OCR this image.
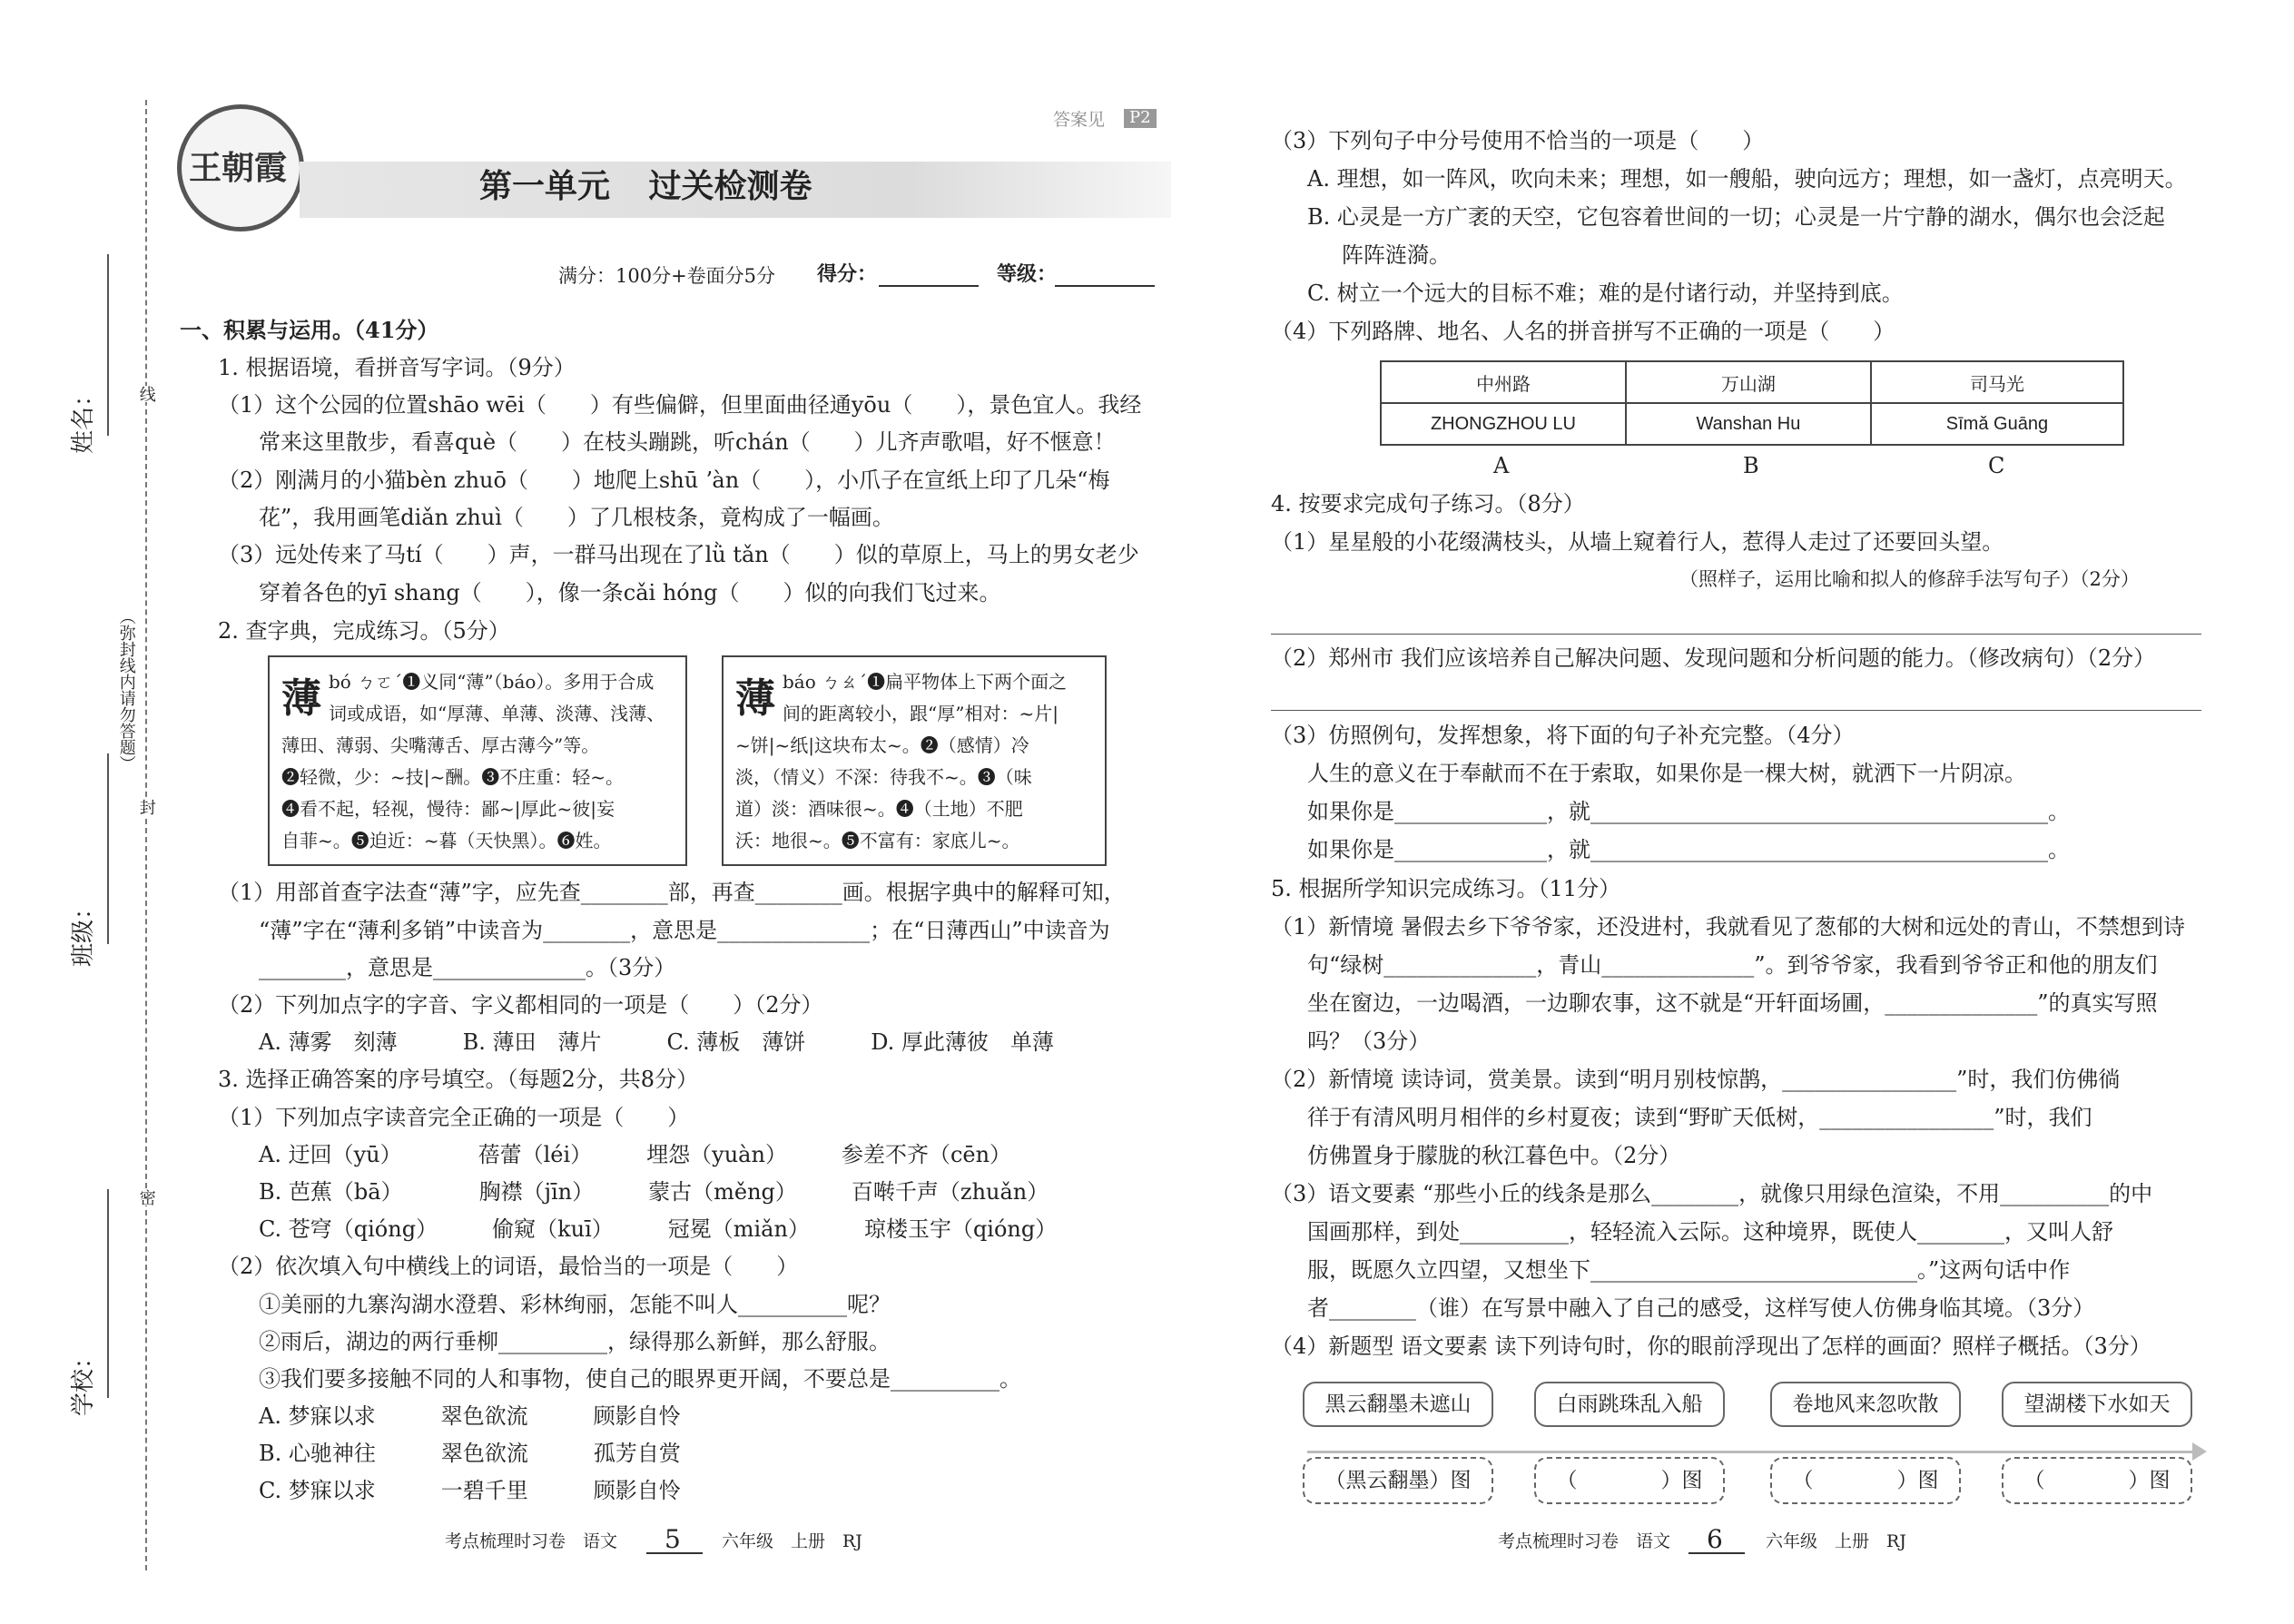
线
封
密
（弥封线内请勿答题）
姓名：
班级：
学校：
王朝霞
答案见	P2
第一单元 过关检测卷
满分：100分+卷面分5分 得分：	等级：
一、积累与运用。（41分）
1. 根据语境，看拼音写字词。（9分）
（1）这个公园的位置shāo wēi（　　）有些偏僻，但里面曲径通yōu（　　），景色宜人。我经
常来这里散步，看喜què（　　）在枝头蹦跳，听chán（　　）儿齐声歌唱，好不惬意！
（2）刚满月的小猫bèn zhuō（　　）地爬上shū ʼàn（　　），小爪子在宣纸上印了几朵“梅
花”，我用画笔diǎn zhuì（　　）了几根枝条，竟构成了一幅画。
（3）远处传来了马tí（　　）声，一群马出现在了lǜ tǎn（　　）似的草原上，马上的男女老少
穿着各色的yī shang（　　），像一条cǎi hóng（　　）似的向我们飞过来。
2. 查字典，完成练习。（5分）
薄 bó ㄅㄛˊ❶义同“薄”（báo）。多用于合成
词或成语，如“厚薄、单薄、淡薄、浅薄、
薄田、薄弱、尖嘴薄舌、厚古薄今”等。
❷轻微，少：~技|~酬。❸不庄重：轻~。
❹看不起，轻视，慢待：鄙~|厚此~彼|妄
自菲~。❺迫近：~暮（天快黑）。❻姓。
薄 báo ㄅㄠˊ❶扁平物体上下两个面之
间的距离较小，跟“厚”相对：~片|
~饼|~纸|这块布太~。❷（感情）冷
淡，（情义）不深：待我不~。❸（味
道）淡：酒味很~。❹（土地）不肥
沃：地很~。❺不富有：家底儿~。
（1）用部首查字法查“薄”字，应先查________部，再查________画。根据字典中的解释可知，
“薄”字在“薄利多销”中读音为________，意思是______________；在“日薄西山”中读音为
________，意思是______________。（3分）
（2）下列加点字的字音、字义都相同的一项是（　　）（2分）
A. 薄雾　刻薄　　　B. 薄田　薄片　　　C. 薄板　薄饼　　　D. 厚此薄彼　单薄
3. 选择正确答案的序号填空。（每题2分，共8分）
（1）下列加点字读音完全正确的一项是（　　）
A. 迂回（yū）　　　　蓓蕾（léi）　　　埋怨（yuàn）　　　参差不齐（cēn）
B. 芭蕉（bā）　　　　胸襟（jīn）　　　蒙古（měng）　　　百啭千声（zhuǎn）
C. 苍穹（qióng）　　　偷窥（kuī）　　　冠冕（miǎn）　　　琼楼玉宇（qióng）
（2）依次填入句中横线上的词语，最恰当的一项是（　　）
①美丽的九寨沟湖水澄碧、彩林绚丽，怎能不叫人__________呢？
②雨后，湖边的两行垂柳__________，绿得那么新鲜，那么舒服。
③我们要多接触不同的人和事物，使自己的眼界更开阔，不要总是__________。
A. 梦寐以求　　　翠色欲流　　　顾影自怜
B. 心驰神往　　　翠色欲流　　　孤芳自赏
C. 梦寐以求　　　一碧千里　　　顾影自怜
考点梳理时习卷　语文 5 六年级　上册　RJ
（3）下列句子中分号使用不恰当的一项是（　　）
A. 理想，如一阵风，吹向未来；理想，如一艘船，驶向远方；理想，如一盏灯，点亮明天。
B. 心灵是一方广袤的天空，它包容着世间的一切；心灵是一片宁静的湖水，偶尔也会泛起
阵阵涟漪。
C. 树立一个远大的目标不难；难的是付诸行动，并坚持到底。
（4）下列路牌、地名、人名的拼音拼写不正确的一项是（　　）
中州路	万山湖	司马光
ZHONGZHOU LU	Wanshan Hu	Sīmǎ Guāng
A	B	C
4. 按要求完成句子练习。（8分）
（1）星星般的小花缀满枝头，从墙上窥着行人，惹得人走过了还要回头望。
（照样子，运用比喻和拟人的修辞手法写句子）（2分）
（2）郑州市 我们应该培养自己解决问题、发现问题和分析问题的能力。（修改病句）（2分）
（3）仿照例句，发挥想象，将下面的句子补充完整。（4分）
人生的意义在于奉献而不在于索取，如果你是一棵大树，就洒下一片阴凉。
如果你是______________，就__________________________________________。
如果你是______________，就__________________________________________。
5. 根据所学知识完成练习。（11分）
（1）新情境 暑假去乡下爷爷家，还没进村，我就看见了葱郁的大树和远处的青山，不禁想到诗
句“绿树______________，青山______________”。到爷爷家，我看到爷爷正和他的朋友们
坐在窗边，一边喝酒，一边聊农事，这不就是“开轩面场圃，______________”的真实写照
吗？（3分）
（2）新情境 读诗词，赏美景。读到“明月别枝惊鹊，________________”时，我们仿佛徜
徉于有清风明月相伴的乡村夏夜；读到“野旷天低树，________________”时，我们
仿佛置身于朦胧的秋江暮色中。（2分）
（3）语文要素 “那些小丘的线条是那么________，就像只用绿色渲染，不用__________的中
国画那样，到处__________，轻轻流入云际。这种境界，既使人________，又叫人舒
服，既愿久立四望，又想坐下______________________________。”这两句话中作
者________（谁）在写景中融入了自己的感受，这样写使人仿佛身临其境。（3分）
（4）新题型 语文要素 读下列诗句时，你的眼前浮现出了怎样的画面？照样子概括。（3分）
黑云翻墨未遮山	白雨跳珠乱入船	卷地风来忽吹散	望湖楼下水如天
（黑云翻墨）图	（　　　　）图	（　　　　）图	（　　　　）图
考点梳理时习卷　语文 6 六年级　上册　RJ
